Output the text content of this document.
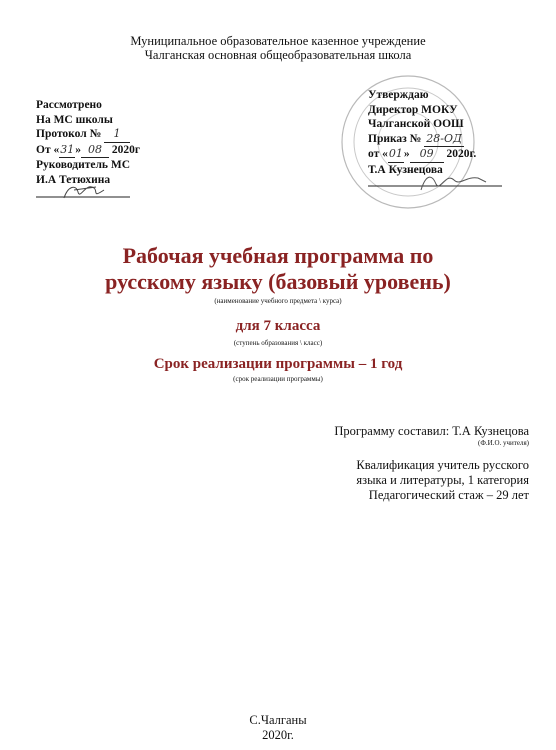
Муниципальное образовательное казенное учреждение
Чалганская основная общеобразовательная школа
Рассмотрено
На МС школы
Протокол № 1
От «31» 08 2020г
Руководитель МС
И.А Тетюхина
Утверждаю
Директор МОКУ
Чалганской ООШ
Приказ № 28-ОД
от «01» 09 2020г.
Т.А Кузнецова
Рабочая учебная программа по
русскому языку (базовый уровень)
(наименование учебного предмета \ курса)
для 7 класса
(ступень образования \ класс)
Срок реализации программы – 1 год
(срок реализации программы)
Программу составил: Т.А Кузнецова
(Ф.И.О. учителя)
Квалификация учитель русского
языка и литературы, 1 категория
Педагогический стаж – 29 лет
С.Чалганы
2020г.
